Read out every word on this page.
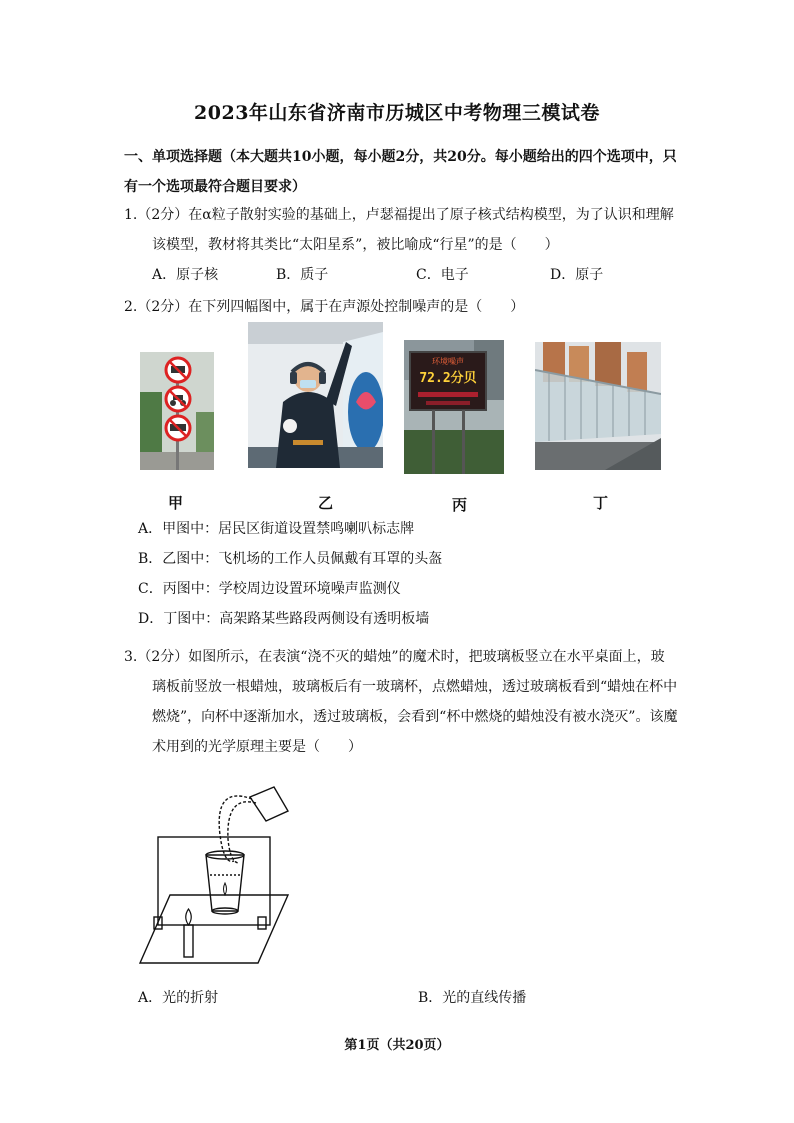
2023年山东省济南市历城区中考物理三模试卷
一、单项选择题（本大题共10小题，每小题2分，共20分。每小题给出的四个选项中，只有一个选项最符合题目要求）
1.（2分）在α粒子散射实验的基础上，卢瑟福提出了原子核式结构模型，为了认识和理解
该模型，教材将其类比“太阳星系”，被比喻成“行星”的是（　　）
A．原子核	B．质子	C．电子	D．原子
2.（2分）在下列四幅图中，属于在声源处控制噪声的是（　　）
甲	乙
环境噪声
72.2分贝
丙	丁
A．甲图中：居民区街道设置禁鸣喇叭标志牌
B．乙图中：飞机场的工作人员佩戴有耳罩的头盔
C．丙图中：学校周边设置环境噪声监测仪
D．丁图中：高架路某些路段两侧设有透明板墙
3.（2分）如图所示，在表演“浇不灭的蜡烛”的魔术时，把玻璃板竖立在水平桌面上，玻
璃板前竖放一根蜡烛，玻璃板后有一玻璃杯，点燃蜡烛，透过玻璃板看到“蜡烛在杯中
燃烧”，向杯中逐渐加水，透过玻璃板，会看到“杯中燃烧的蜡烛没有被水浇灭”。该魔
术用到的光学原理主要是（　　）
A．光的折射	B．光的直线传播
第1页（共20页）
